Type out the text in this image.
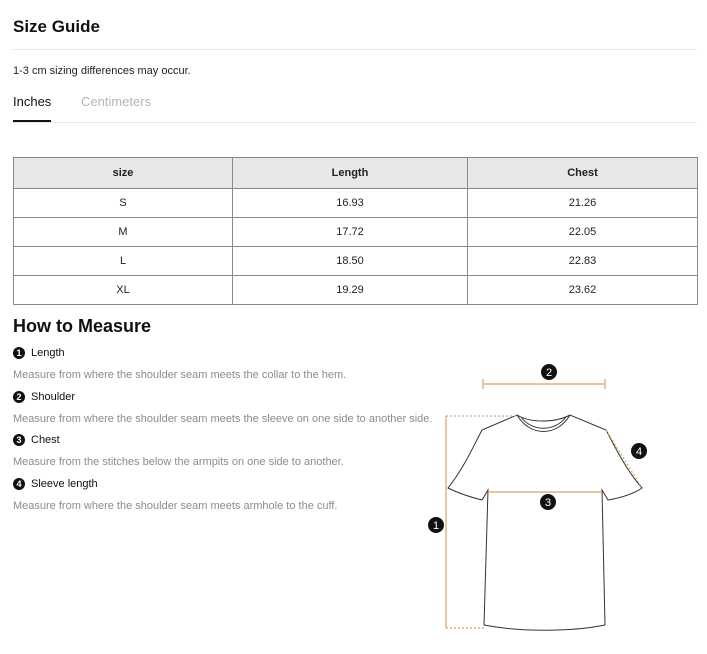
Size Guide
1-3 cm sizing differences may occur.
Inches Centimeters
size	Length	Chest
S	16.93	21.26
M	17.72	22.05
L	18.50	22.83
XL	19.29	23.62
How to Measure
1 Length
Measure from where the shoulder seam meets the collar to the hem.
2 Shoulder
Measure from where the shoulder seam meets the sleeve on one side to another side.
3 Chest
Measure from the stitches below the armpits on one side to another.
4 Sleeve length
Measure from where the shoulder seam meets armhole to the cuff.
1
2
3
4
